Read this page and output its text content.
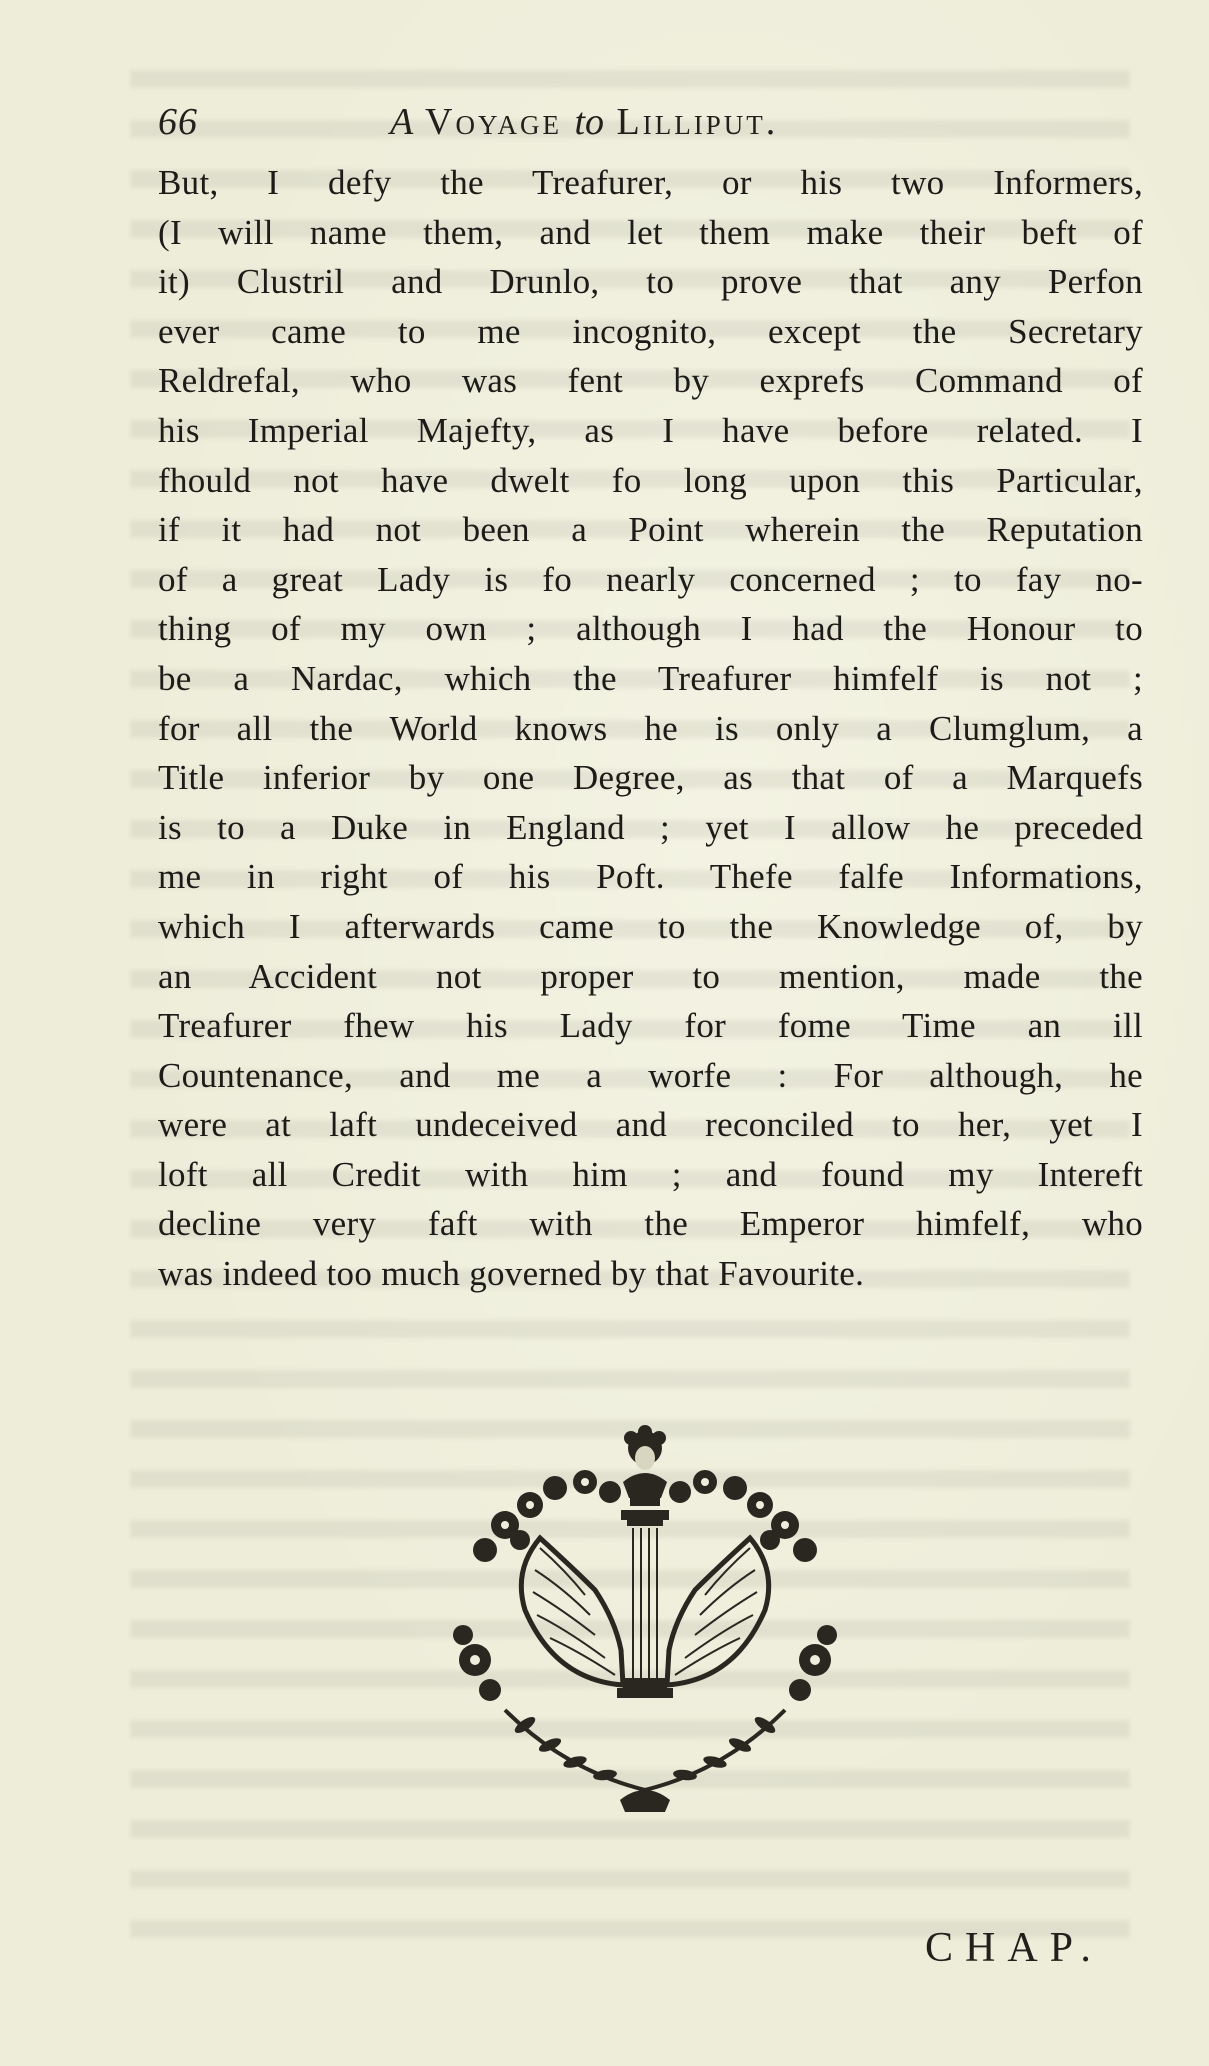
66	A Voyage to Lilliput.
But, I defy the Treafurer, or his two Informers,
(I will name them, and let them make their beft of
it) Clustril and Drunlo, to prove that any Perfon
ever came to me incognito, except the Secretary
Reldrefal, who was fent by exprefs Command of
his Imperial Majefty, as I have before related. I
fhould not have dwelt fo long upon this Particular,
if it had not been a Point wherein the Reputation
of a great Lady is fo nearly concerned ; to fay no-
thing of my own ; although I had the Honour to
be a Nardac, which the Treafurer himfelf is not ;
for all the World knows he is only a Clumglum, a
Title inferior by one Degree, as that of a Marquefs
is to a Duke in England ; yet I allow he preceded
me in right of his Poft. Thefe falfe Informations,
which I afterwards came to the Knowledge of, by
an Accident not proper to mention, made the
Treafurer fhew his Lady for fome Time an ill
Countenance, and me a worfe : For although, he
were at laft undeceived and reconciled to her, yet I
loft all Credit with him ; and found my Intereft
decline very faft with the Emperor himfelf, who
was indeed too much governed by that Favourite.
CHAP.
